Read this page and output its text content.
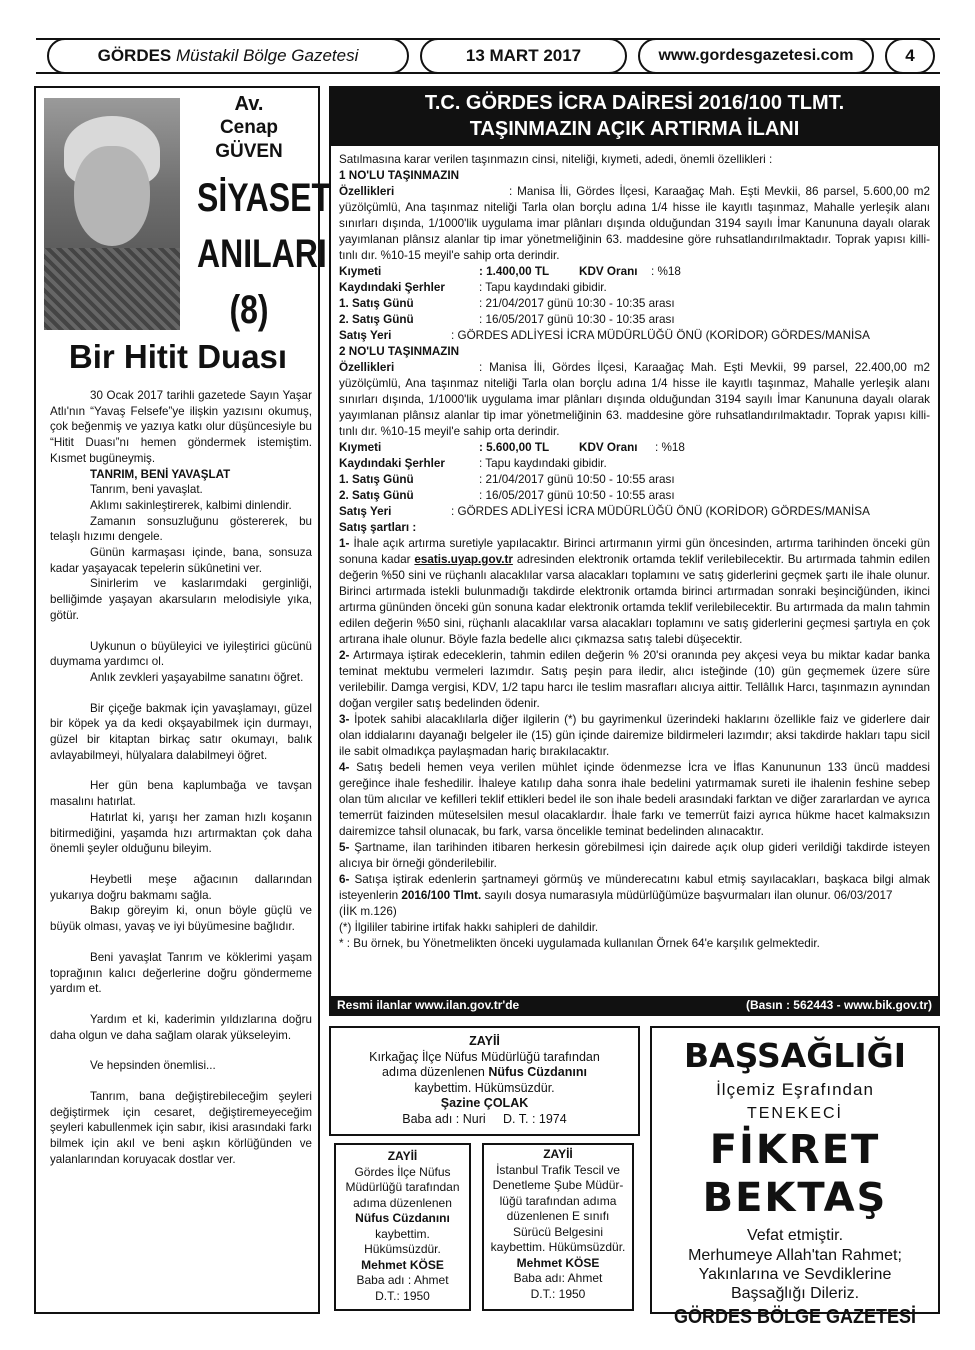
GÖRDES
Müstakil Bölge Gazetesi	13 MART 2017	www.gordesgazetesi.com	4
Av.
Cenap GÜVEN
SİYASET
ANILARI
(8)
Bir Hitit Duası

30 Ocak 2017 tarihli gazetede Sayın Yaşar Atlı'nın “Yavaş Felsefe”ye ilişkin yazısını okumuş, çok beğenmiş ve yazıya katkı olur düşüncesiyle bu “Hitit Duası”nı hemen göndermek istemiştim. Kısmet bugüneymiş.

TANRIM, BENİ YAVAŞLAT

Tanrım, beni yavaşlat.

Aklımı sakinleştirerek, kalbimi dinlendir.

Zamanın sonsuzluğunu göstererek, bu telaşlı hızımı dengele.

Günün karmaşası içinde, bana, sonsuza kadar yaşayacak tepelerin sükûnetini ver.

Sinirlerim ve kaslarımdaki gerginliği, belliğimde yaşayan akarsuların melodisiyle yıka, götür.

Uykunun o büyüleyici ve iyileştirici gücünü duymama yardımcı ol.

Anlık zevkleri yaşayabilme sanatını öğret.

Bir çiçeğe bakmak için yavaşlamayı, güzel bir köpek ya da kedi okşayabilmek için durmayı, güzel bir kitaptan birkaç satır okumayı, balık avlayabilmeyi, hülyalara dalabilmeyi öğret.

Her gün bena kaplumbağa ve tavşan masalını hatırlat.

Hatırlat ki, yarışı her zaman hızlı koşanın bitirmediğini, yaşamda hızı artırmaktan çok daha önemli şeyler olduğunu bileyim.

Heybetli meşe ağacının dallarından yukarıya doğru bakmamı sağla.

Bakıp göreyim ki, onun böyle güçlü ve büyük olması, yavaş ve iyi büyümesine bağlıdır.

Beni yavaşlat Tanrım ve köklerimi yaşam toprağının kalıcı değerlerine doğru göndermeme yardım et.

Yardım et ki, kaderimin yıldızlarına doğru daha olgun ve daha sağlam olarak yükseleyim.

Ve hepsinden önemlisi...

Tanrım, bana değiştirebileceğim şeyleri değiştirmek için cesaret, değiştiremeyeceğim şeyleri kabullenmek için sabır, ikisi arasındaki farkı bilmek için akıl ve beni aşkın körlüğünden ve yalanlarından koruyacak dostlar ver.

T.C. GÖRDES İCRA DAİRESİ 2016/100 TLMT.
TAŞINMAZIN AÇIK ARTIRMA İLANI

Satılmasına karar verilen taşınmazın cinsi, niteliği, kıymeti, adedi, önemli özellikleri :

1 NO'LU TAŞINMAZIN

Özellikleri	: Manisa İli, Gördes İlçesi, Karaağaç Mah. Eşti Mevkii, 86 parsel, 5.600,00 m2 yüzölçümlü, Ana taşınmaz niteliği Tarla olan borçlu adına 1/4 hisse ile kayıtlı taşınmaz, Mahalle yerleşik alanı sınırları dışında, 1/1000'lik uygulama imar plânları dışında olduğundan 3194 sayılı İmar Kanununa dayalı olarak yayımlanan plânsız alanlar tip imar yönetmeliğinin 63. maddesine göre ruhsatlandırılmaktadır. Toprak yapısı killi-tınlı dır. %10-15 meyil'e sahip orta derindir.

Kıymeti	: 1.400,00 TL	KDV Oranı	: %18
Kaydındaki Şerhler	: Tapu kaydındaki gibidir.
1. Satış Günü	: 21/04/2017 günü 10:30 - 10:35 arası
2. Satış Günü	: 16/05/2017 günü 10:30 - 10:35 arası
Satış Yeri	: GÖRDES ADLİYESİ İCRA MÜDÜRLÜĞÜ ÖNÜ (KORİDOR) GÖRDES/MANİSA

2 NO'LU TAŞINMAZIN

Özellikleri	: Manisa İli, Gördes İlçesi, Karaağaç Mah. Eşti Mevkii, 99 parsel, 22.400,00 m2 yüzölçümlü, Ana taşınmaz niteliği Tarla olan borçlu adına 1/4 hisse ile kayıtlı taşınmaz, Mahalle yerleşik alanı sınırları dışında, 1/1000'lik uygulama imar plânları dışında olduğundan 3194 sayılı İmar Kanununa dayalı olarak yayımlanan plânsız alanlar tip imar yönetmeliğinin 63. maddesine göre ruhsatlandırılmaktadır. Toprak yapısı killi-tınlı dır. %10-15 meyil'e sahip orta derindir.

Kıymeti	: 5.600,00 TL	KDV Oranı	: %18
Kaydındaki Şerhler	: Tapu kaydındaki gibidir.
1. Satış Günü	: 21/04/2017 günü 10:50 - 10:55 arası
2. Satış Günü	: 16/05/2017 günü 10:50 - 10:55 arası
Satış Yeri	: GÖRDES ADLİYESİ İCRA MÜDÜRLÜĞÜ ÖNÜ (KORİDOR) GÖRDES/MANİSA

Satış şartları :

1- İhale açık artırma suretiyle yapılacaktır. Birinci artırmanın yirmi gün öncesinden, artırma tarihinden önceki gün sonuna kadar esatis.uyap.gov.tr adresinden elektronik ortamda teklif verilebilecektir. Bu artırmada tahmin edilen değerin %50 sini ve rüçhanlı alacaklılar varsa alacakları toplamını ve satış giderlerini geçmek şartı ile ihale olunur. Birinci artırmada istekli bulunmadığı takdirde elektronik ortamda birinci artırmadan sonraki beşinciğünden, ikinci artırma gününden önceki gün sonuna kadar elektronik ortamda teklif verilebilecektir. Bu artırmada da malın tahmin edilen değerin %50 sini, rüçhanlı alacaklılar varsa alacakları toplamını ve satış giderlerini geçmesi şartıyla en çok artırana ihale olunur. Böyle fazla bedelle alıcı çıkmazsa satış talebi düşecektir.

2- Artırmaya iştirak edeceklerin, tahmin edilen değerin % 20'si oranında pey akçesi veya bu miktar kadar banka teminat mektubu vermeleri lazımdır. Satış peşin para iledir, alıcı isteğinde (10) gün geçmemek üzere süre verilebilir. Damga vergisi, KDV, 1/2 tapu harcı ile teslim masrafları alıcıya aittir. Tellâllık Harcı, taşınmazın aynından doğan vergiler satış bedelinden ödenir.

3- İpotek sahibi alacaklılarla diğer ilgilerin (*) bu gayrimenkul üzerindeki haklarını özellikle faiz ve giderlere dair olan iddialarını dayanağı belgeler ile (15) gün içinde dairemize bildirmeleri lazımdır; aksi takdirde hakları tapu sicil ile sabit olmadıkça paylaşmadan hariç bırakılacaktır.

4- Satış bedeli hemen veya verilen mühlet içinde ödenmezse İcra ve İflas Kanununun 133 üncü maddesi gereğince ihale feshedilir. İhaleye katılıp daha sonra ihale bedelini yatırmamak sureti ile ihalenin feshine sebep olan tüm alıcılar ve kefilleri teklif ettikleri bedel ile son ihale bedeli arasındaki farktan ve diğer zararlardan ve ayrıca temerrüt faizinden müteselsilen mesul olacaklardır. İhale farkı ve temerrüt faizi ayrıca hükme hacet kalmaksızın dairemizce tahsil olunacak, bu fark, varsa öncelikle teminat bedelinden alınacaktır.

5- Şartname, ilan tarihinden itibaren herkesin görebilmesi için dairede açık olup gideri verildiği takdirde isteyen alıcıya bir örneği gönderilebilir.

6- Satışa iştirak edenlerin şartnameyi görmüş ve münderecatını kabul etmiş sayılacakları, başkaca bilgi almak isteyenlerin 2016/100 Tlmt. sayılı dosya numarasıyla müdürlüğümüze başvurmaları ilan olunur. 06/03/2017

(İİK m.126)

(*) İlgililer tabirine irtifak hakkı sahipleri de dahildir.

* : Bu örnek, bu Yönetmelikten önceki uygulamada kullanılan Örnek 64'e karşılık gelmektedir.

Resmi ilanlar www.ilan.gov.tr'de	(Basın : 562443 - www.bik.gov.tr)
ZAYİİ
Kırkağaç İlçe Nüfus Müdürlüğü tarafından
adıma düzenlenen Nüfus Cüzdanını
kaybettim. Hükümsüzdür.
Şazine ÇOLAK
Baba adı : Nuri     D. T. : 1974
ZAYİİ
Gördes İlçe Nüfus
Müdürlüğü tarafından
adıma düzenlenen
Nüfus Cüzdanını
kaybettim.
Hükümsüzdür.
Mehmet KÖSE
Baba adı : Ahmet
D.T.: 1950
ZAYİİ
İstanbul Trafik Tescil ve
Denetleme Şube Müdür-
lüğü tarafından adıma
düzenlenen E sınıfı
Sürücü Belgesini
kaybettim. Hükümsüzdür.
Mehmet KÖSE
Baba adı: Ahmet
D.T.: 1950
BAŞSAĞLIĞI
İlçemiz Eşrafından
TENEKECİ
FİKRET
BEKTAŞ
Vefat etmiştir.
Merhumeye Allah'tan Rahmet;
Yakınlarına ve Sevdiklerine
Başsağlığı Dileriz.
GÖRDES BÖLGE GAZETESİ
